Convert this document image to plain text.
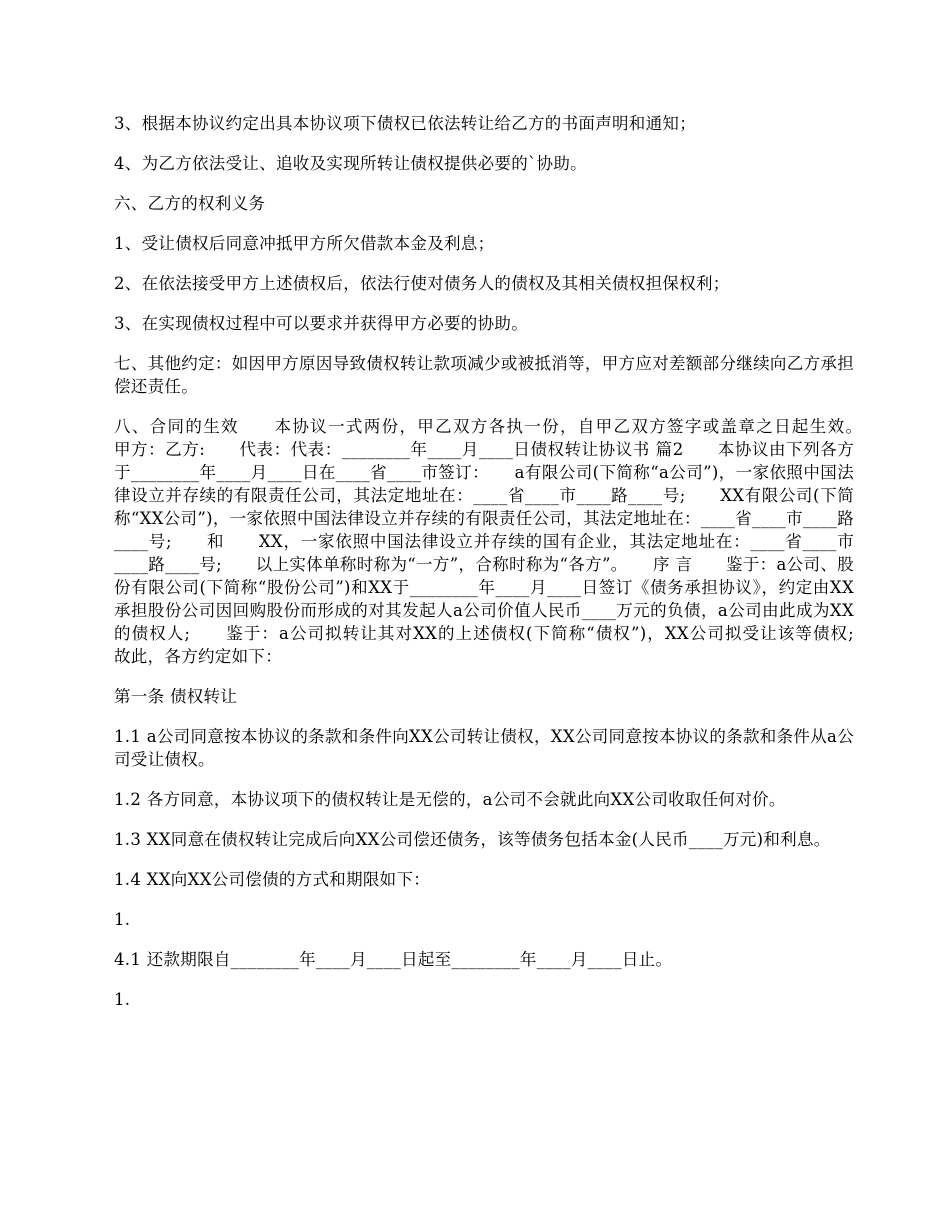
3、根据本协议约定出具本协议项下债权已依法转让给乙方的书面声明和通知；

4、为乙方依法受让、追收及实现所转让债权提供必要的`协助。

六、乙方的权利义务

1、受让债权后同意冲抵甲方所欠借款本金及利息；

2、在依法接受甲方上述债权后，依法行使对债务人的债权及其相关债权担保权利；

3、在实现债权过程中可以要求并获得甲方必要的协助。

七、其他约定：如因甲方原因导致债权转让款项减少或被抵消等，甲方应对差额部分继续向乙方承担偿还责任。

八、合同的生效　　本协议一式两份，甲乙双方各执一份，自甲乙双方签字或盖章之日起生效。　　甲方：乙方:　　代表：代表：________年____月____日债权转让协议书 篇2　　本协议由下列各方于________年____月____日在____省____市签订：　　a有限公司(下简称“a公司”)，一家依照中国法律设立并存续的有限责任公司，其法定地址在：____省____市____路____号;　　XX有限公司(下简称“XX公司”)，一家依照中国法律设立并存续的有限责任公司，其法定地址在：____省____市____路____号;　　和　　XX，一家依照中国法律设立并存续的国有企业，其法定地址在：____省____市____路____号;　　以上实体单称时称为“一方”，合称时称为“各方”。　　序 言　　鉴于：a公司、股份有限公司(下简称“股份公司”)和XX于________年____月____日签订《债务承担协议》，约定由XX承担股份公司因回购股份而形成的对其发起人a公司价值人民币____万元的负债，a公司由此成为XX的债权人;　　鉴于：a公司拟转让其对XX的上述债权(下简称“债权”)，XX公司拟受让该等债权;　　故此，各方约定如下：

第一条 债权转让

1.1 a公司同意按本协议的条款和条件向XX公司转让债权，XX公司同意按本协议的条款和条件从a公司受让债权。

1.2 各方同意，本协议项下的债权转让是无偿的，a公司不会就此向XX公司收取任何对价。

1.3 XX同意在债权转让完成后向XX公司偿还债务，该等债务包括本金(人民币____万元)和利息。

1.4 XX向XX公司偿债的方式和期限如下：

1.

4.1 还款期限自________年____月____日起至________年____月____日止。

1.
